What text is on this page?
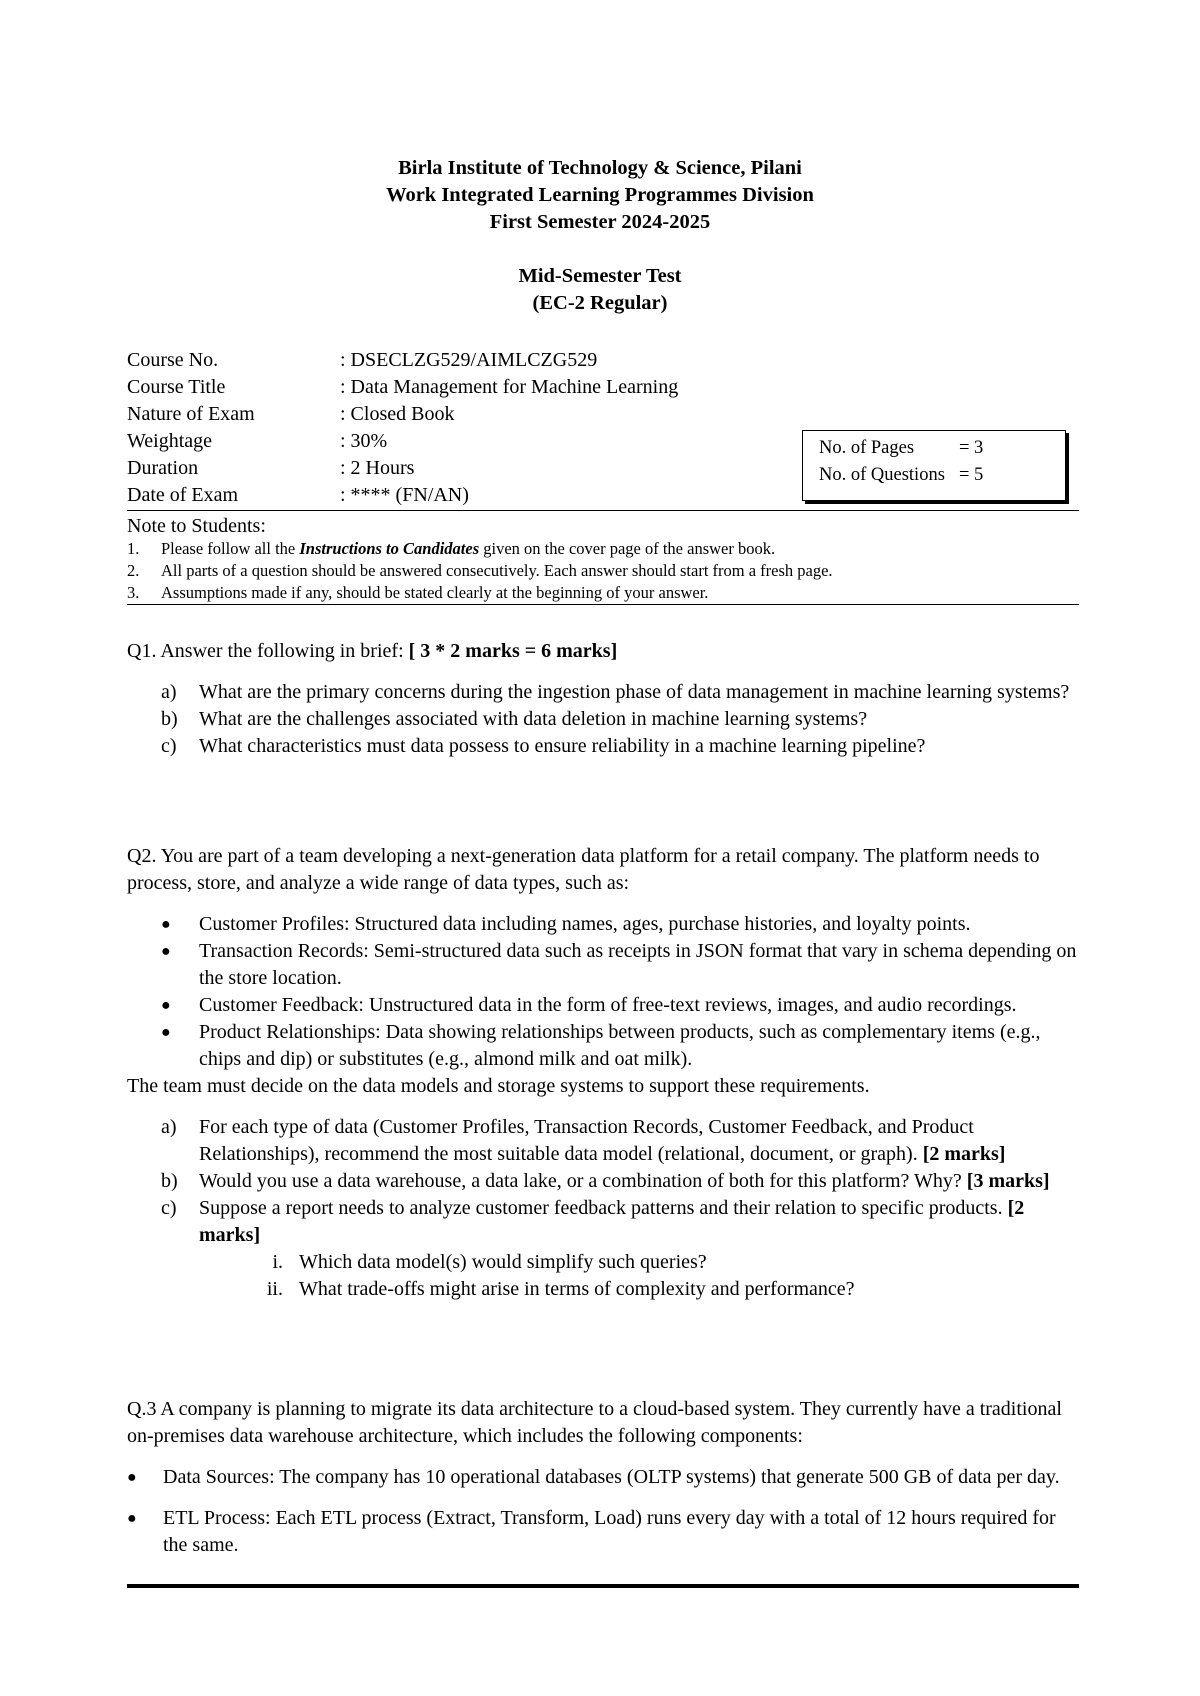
Birla Institute of Technology & Science, Pilani
Work Integrated Learning Programmes Division
First Semester 2024-2025
Mid-Semester Test
(EC-2 Regular)
Course No.	: DSECLZG529/AIMLCZG529
Course Title	: Data Management for Machine Learning
Nature of Exam	: Closed Book
Weightage	: 30%
Duration	: 2 Hours
Date of Exam	: **** (FN/AN)
No. of Pages	= 3
No. of Questions = 5
Note to Students:
1.	Please follow all the Instructions to Candidates given on the cover page of the answer book.
2.	All parts of a question should be answered consecutively. Each answer should start from a fresh page.
3.	Assumptions made if any, should be stated clearly at the beginning of your answer.
Q1. Answer the following in brief: [ 3 * 2 marks = 6 marks]
a)	What are the primary concerns during the ingestion phase of data management in machine learning systems?
b)	What are the challenges associated with data deletion in machine learning systems?
c)	What characteristics must data possess to ensure reliability in a machine learning pipeline?
Q2. You are part of a team developing a next-generation data platform for a retail company. The platform needs to process, store, and analyze a wide range of data types, such as:
●	Customer Profiles: Structured data including names, ages, purchase histories, and loyalty points.
●	Transaction Records: Semi-structured data such as receipts in JSON format that vary in schema depending on the store location.
●	Customer Feedback: Unstructured data in the form of free-text reviews, images, and audio recordings.
●	Product Relationships: Data showing relationships between products, such as complementary items (e.g., chips and dip) or substitutes (e.g., almond milk and oat milk).
The team must decide on the data models and storage systems to support these requirements.
a)	For each type of data (Customer Profiles, Transaction Records, Customer Feedback, and Product Relationships), recommend the most suitable data model (relational, document, or graph). [2 marks]
b)	Would you use a data warehouse, a data lake, or a combination of both for this platform? Why? [3 marks]
c)	Suppose a report needs to analyze customer feedback patterns and their relation to specific products. [2 marks]
i. Which data model(s) would simplify such queries?
ii. What trade-offs might arise in terms of complexity and performance?
Q.3 A company is planning to migrate its data architecture to a cloud-based system. They currently have a traditional on-premises data warehouse architecture, which includes the following components:
●	Data Sources: The company has 10 operational databases (OLTP systems) that generate 500 GB of data per day.
●	ETL Process: Each ETL process (Extract, Transform, Load) runs every day with a total of 12 hours required for the same.
